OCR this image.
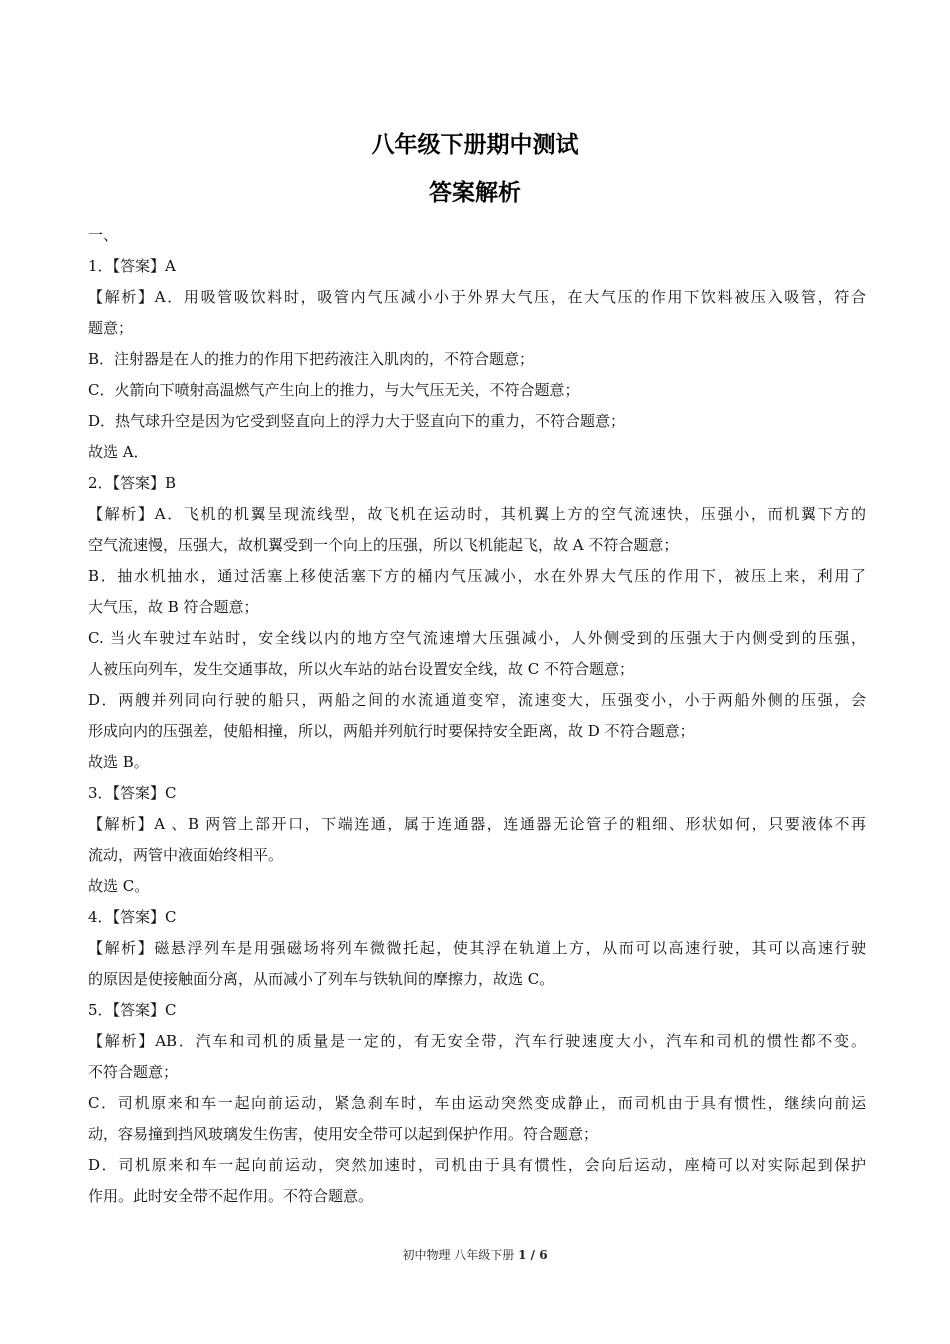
八年级下册期中测试
答案解析
一、
1．【答案】A
【解析】A．用吸管吸饮料时，吸管内气压减小小于外界大气压，在大气压的作用下饮料被压入吸管，符合
题意；
B．注射器是在人的推力的作用下把药液注入肌肉的，不符合题意；
C．火箭向下喷射高温燃气产生向上的推力，与大气压无关，不符合题意；
D．热气球升空是因为它受到竖直向上的浮力大于竖直向下的重力，不符合题意；
故选 A．
2．【答案】B
【解析】A．飞机的机翼呈现流线型，故飞机在运动时，其机翼上方的空气流速快，压强小，而机翼下方的
空气流速慢，压强大，故机翼受到一个向上的压强，所以飞机能起飞，故 A 不符合题意；
B．抽水机抽水，通过活塞上移使活塞下方的桶内气压减小，水在外界大气压的作用下，被压上来，利用了
大气压，故 B 符合题意；
C. 当火车驶过车站时，安全线以内的地方空气流速增大压强减小，人外侧受到的压强大于内侧受到的压强，
人被压向列车，发生交通事故，所以火车站的站台设置安全线，故 C 不符合题意；
D．两艘并列同向行驶的船只，两船之间的水流通道变窄，流速变大，压强变小，小于两船外侧的压强，会
形成向内的压强差，使船相撞，所以，两船并列航行时要保持安全距离，故 D 不符合题意；
故选 B。
3．【答案】C
【解析】A 、B 两管上部开口，下端连通，属于连通器，连通器无论管子的粗细、形状如何，只要液体不再
流动，两管中液面始终相平。
故选 C。
4．【答案】C
【解析】磁悬浮列车是用强磁场将列车微微托起，使其浮在轨道上方，从而可以高速行驶，其可以高速行驶
的原因是使接触面分离，从而减小了列车与铁轨间的摩擦力，故选 C。
5．【答案】C
【解析】AB．汽车和司机的质量是一定的，有无安全带，汽车行驶速度大小，汽车和司机的惯性都不变。
不符合题意；
C．司机原来和车一起向前运动，紧急刹车时，车由运动突然变成静止，而司机由于具有惯性，继续向前运
动，容易撞到挡风玻璃发生伤害，使用安全带可以起到保护作用。符合题意；
D．司机原来和车一起向前运动，突然加速时，司机由于具有惯性，会向后运动，座椅可以对实际起到保护
作用。此时安全带不起作用。不符合题意。
初中物理 八年级下册 1 / 6
